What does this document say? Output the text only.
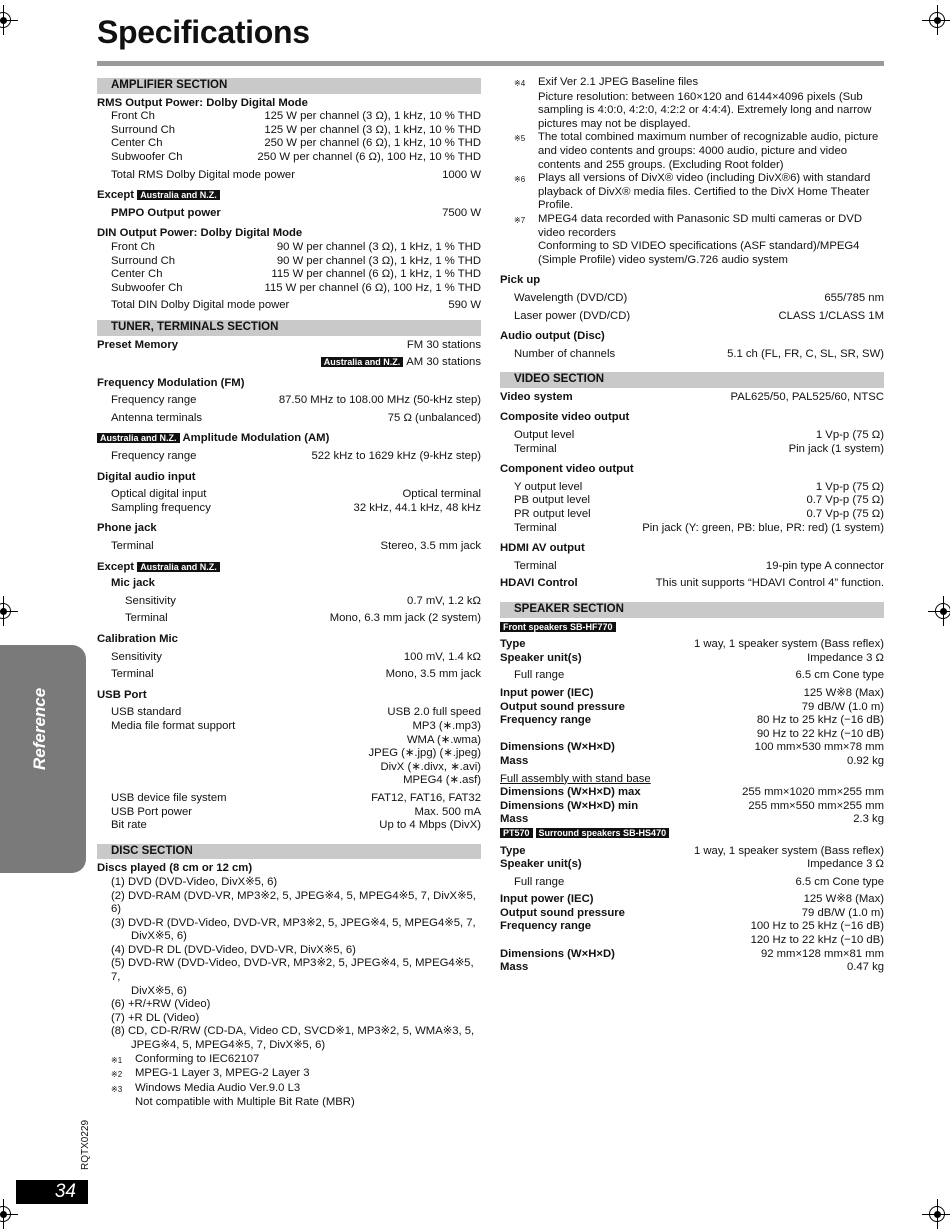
Specifications
Reference
RQTX0229
34
AMPLIFIER SECTION
RMS Output Power: Dolby Digital Mode
Front Ch	125 W per channel (3 Ω), 1 kHz, 10 % THD
Surround Ch	125 W per channel (3 Ω), 1 kHz, 10 % THD
Center Ch	250 W per channel (6 Ω), 1 kHz, 10 % THD
Subwoofer Ch	250 W per channel (6 Ω), 100 Hz, 10 % THD
Total RMS Dolby Digital mode power	1000 W
Except Australia and N.Z.
PMPO Output power	7500 W
DIN Output Power: Dolby Digital Mode
Front Ch	90 W per channel (3 Ω), 1 kHz, 1 % THD
Surround Ch	90 W per channel (3 Ω), 1 kHz, 1 % THD
Center Ch	115 W per channel (6 Ω), 1 kHz, 1 % THD
Subwoofer Ch	115 W per channel (6 Ω), 100 Hz, 1 % THD
Total DIN Dolby Digital mode power	590 W
TUNER, TERMINALS SECTION
Preset Memory	FM 30 stations
Australia and N.Z. AM 30 stations
Frequency Modulation (FM)
Frequency range	87.50 MHz to 108.00 MHz (50-kHz step)
Antenna terminals	75 Ω (unbalanced)
Australia and N.Z. Amplitude Modulation (AM)
Frequency range	522 kHz to 1629 kHz (9-kHz step)
Digital audio input
Optical digital input	Optical terminal
Sampling frequency	32 kHz, 44.1 kHz, 48 kHz
Phone jack
Terminal	Stereo, 3.5 mm jack
Except Australia and N.Z.
Mic jack
Sensitivity	0.7 mV, 1.2 kΩ
Terminal	Mono, 6.3 mm jack (2 system)
Calibration Mic
Sensitivity	100 mV, 1.4 kΩ
Terminal	Mono, 3.5 mm jack
USB Port
USB standard	USB 2.0 full speed
Media file format support	MP3 (∗.mp3)
WMA (∗.wma)
JPEG (∗.jpg) (∗.jpeg)
DivX (∗.divx, ∗.avi)
MPEG4 (∗.asf)
USB device file system	FAT12, FAT16, FAT32
USB Port power	Max. 500 mA
Bit rate	Up to 4 Mbps (DivX)
DISC SECTION
Discs played (8 cm or 12 cm)
(1) DVD (DVD-Video, DivX※5, 6)
(2) DVD-RAM (DVD-VR, MP3※2, 5, JPEG※4, 5, MPEG4※5, 7, DivX※5, 6)
(3) DVD-R (DVD-Video, DVD-VR, MP3※2, 5, JPEG※4, 5, MPEG4※5, 7,
DivX※5, 6)
(4) DVD-R DL (DVD-Video, DVD-VR, DivX※5, 6)
(5) DVD-RW (DVD-Video, DVD-VR, MP3※2, 5, JPEG※4, 5, MPEG4※5, 7,
DivX※5, 6)
(6) +R/+RW (Video)
(7) +R DL (Video)
(8) CD, CD-R/RW (CD-DA, Video CD, SVCD※1, MP3※2, 5, WMA※3, 5,
JPEG※4, 5, MPEG4※5, 7, DivX※5, 6)
※1	Conforming to IEC62107
※2	MPEG-1 Layer 3, MPEG-2 Layer 3
※3	Windows Media Audio Ver.9.0 L3
Not compatible with Multiple Bit Rate (MBR)
※4	Exif Ver 2.1 JPEG Baseline files
Picture resolution: between 160×120 and 6144×4096 pixels (Sub sampling is 4:0:0, 4:2:0, 4:2:2 or 4:4:4). Extremely long and narrow pictures may not be displayed.
※5	The total combined maximum number of recognizable audio, picture and video contents and groups: 4000 audio, picture and video contents and 255 groups. (Excluding Root folder)
※6	Plays all versions of DivX® video (including DivX®6) with standard playback of DivX® media files. Certified to the DivX Home Theater Profile.
※7	MPEG4 data recorded with Panasonic SD multi cameras or DVD video recorders
Conforming to SD VIDEO specifications (ASF standard)/MPEG4 (Simple Profile) video system/G.726 audio system
Pick up
Wavelength (DVD/CD)	655/785 nm
Laser power (DVD/CD)	CLASS 1/CLASS 1M
Audio output (Disc)
Number of channels	5.1 ch (FL, FR, C, SL, SR, SW)
VIDEO SECTION
Video system	PAL625/50, PAL525/60, NTSC
Composite video output
Output level	1 Vp-p (75 Ω)
Terminal	Pin jack (1 system)
Component video output
Y output level	1 Vp-p (75 Ω)
PB output level	0.7 Vp-p (75 Ω)
PR output level	0.7 Vp-p (75 Ω)
Terminal	Pin jack (Y: green, PB: blue, PR: red) (1 system)
HDMI AV output
Terminal	19-pin type A connector
HDAVI Control	This unit supports “HDAVI Control 4” function.
SPEAKER SECTION
Front speakers SB-HF770
Type	1 way, 1 speaker system (Bass reflex)
Speaker unit(s)	Impedance 3 Ω
Full range	6.5 cm Cone type
Input power (IEC)	125 W※8 (Max)
Output sound pressure	79 dB/W (1.0 m)
Frequency range	80 Hz to 25 kHz (−16 dB)
90 Hz to 22 kHz (−10 dB)
Dimensions (W×H×D)	100 mm×530 mm×78 mm
Mass	0.92 kg
Full assembly with stand base
Dimensions (W×H×D) max	255 mm×1020 mm×255 mm
Dimensions (W×H×D) min	255 mm×550 mm×255 mm
Mass	2.3 kg
PT570 Surround speakers SB-HS470
Type	1 way, 1 speaker system (Bass reflex)
Speaker unit(s)	Impedance 3 Ω
Full range	6.5 cm Cone type
Input power (IEC)	125 W※8 (Max)
Output sound pressure	79 dB/W (1.0 m)
Frequency range	100 Hz to 25 kHz (−16 dB)
120 Hz to 22 kHz (−10 dB)
Dimensions (W×H×D)	92 mm×128 mm×81 mm
Mass	0.47 kg
